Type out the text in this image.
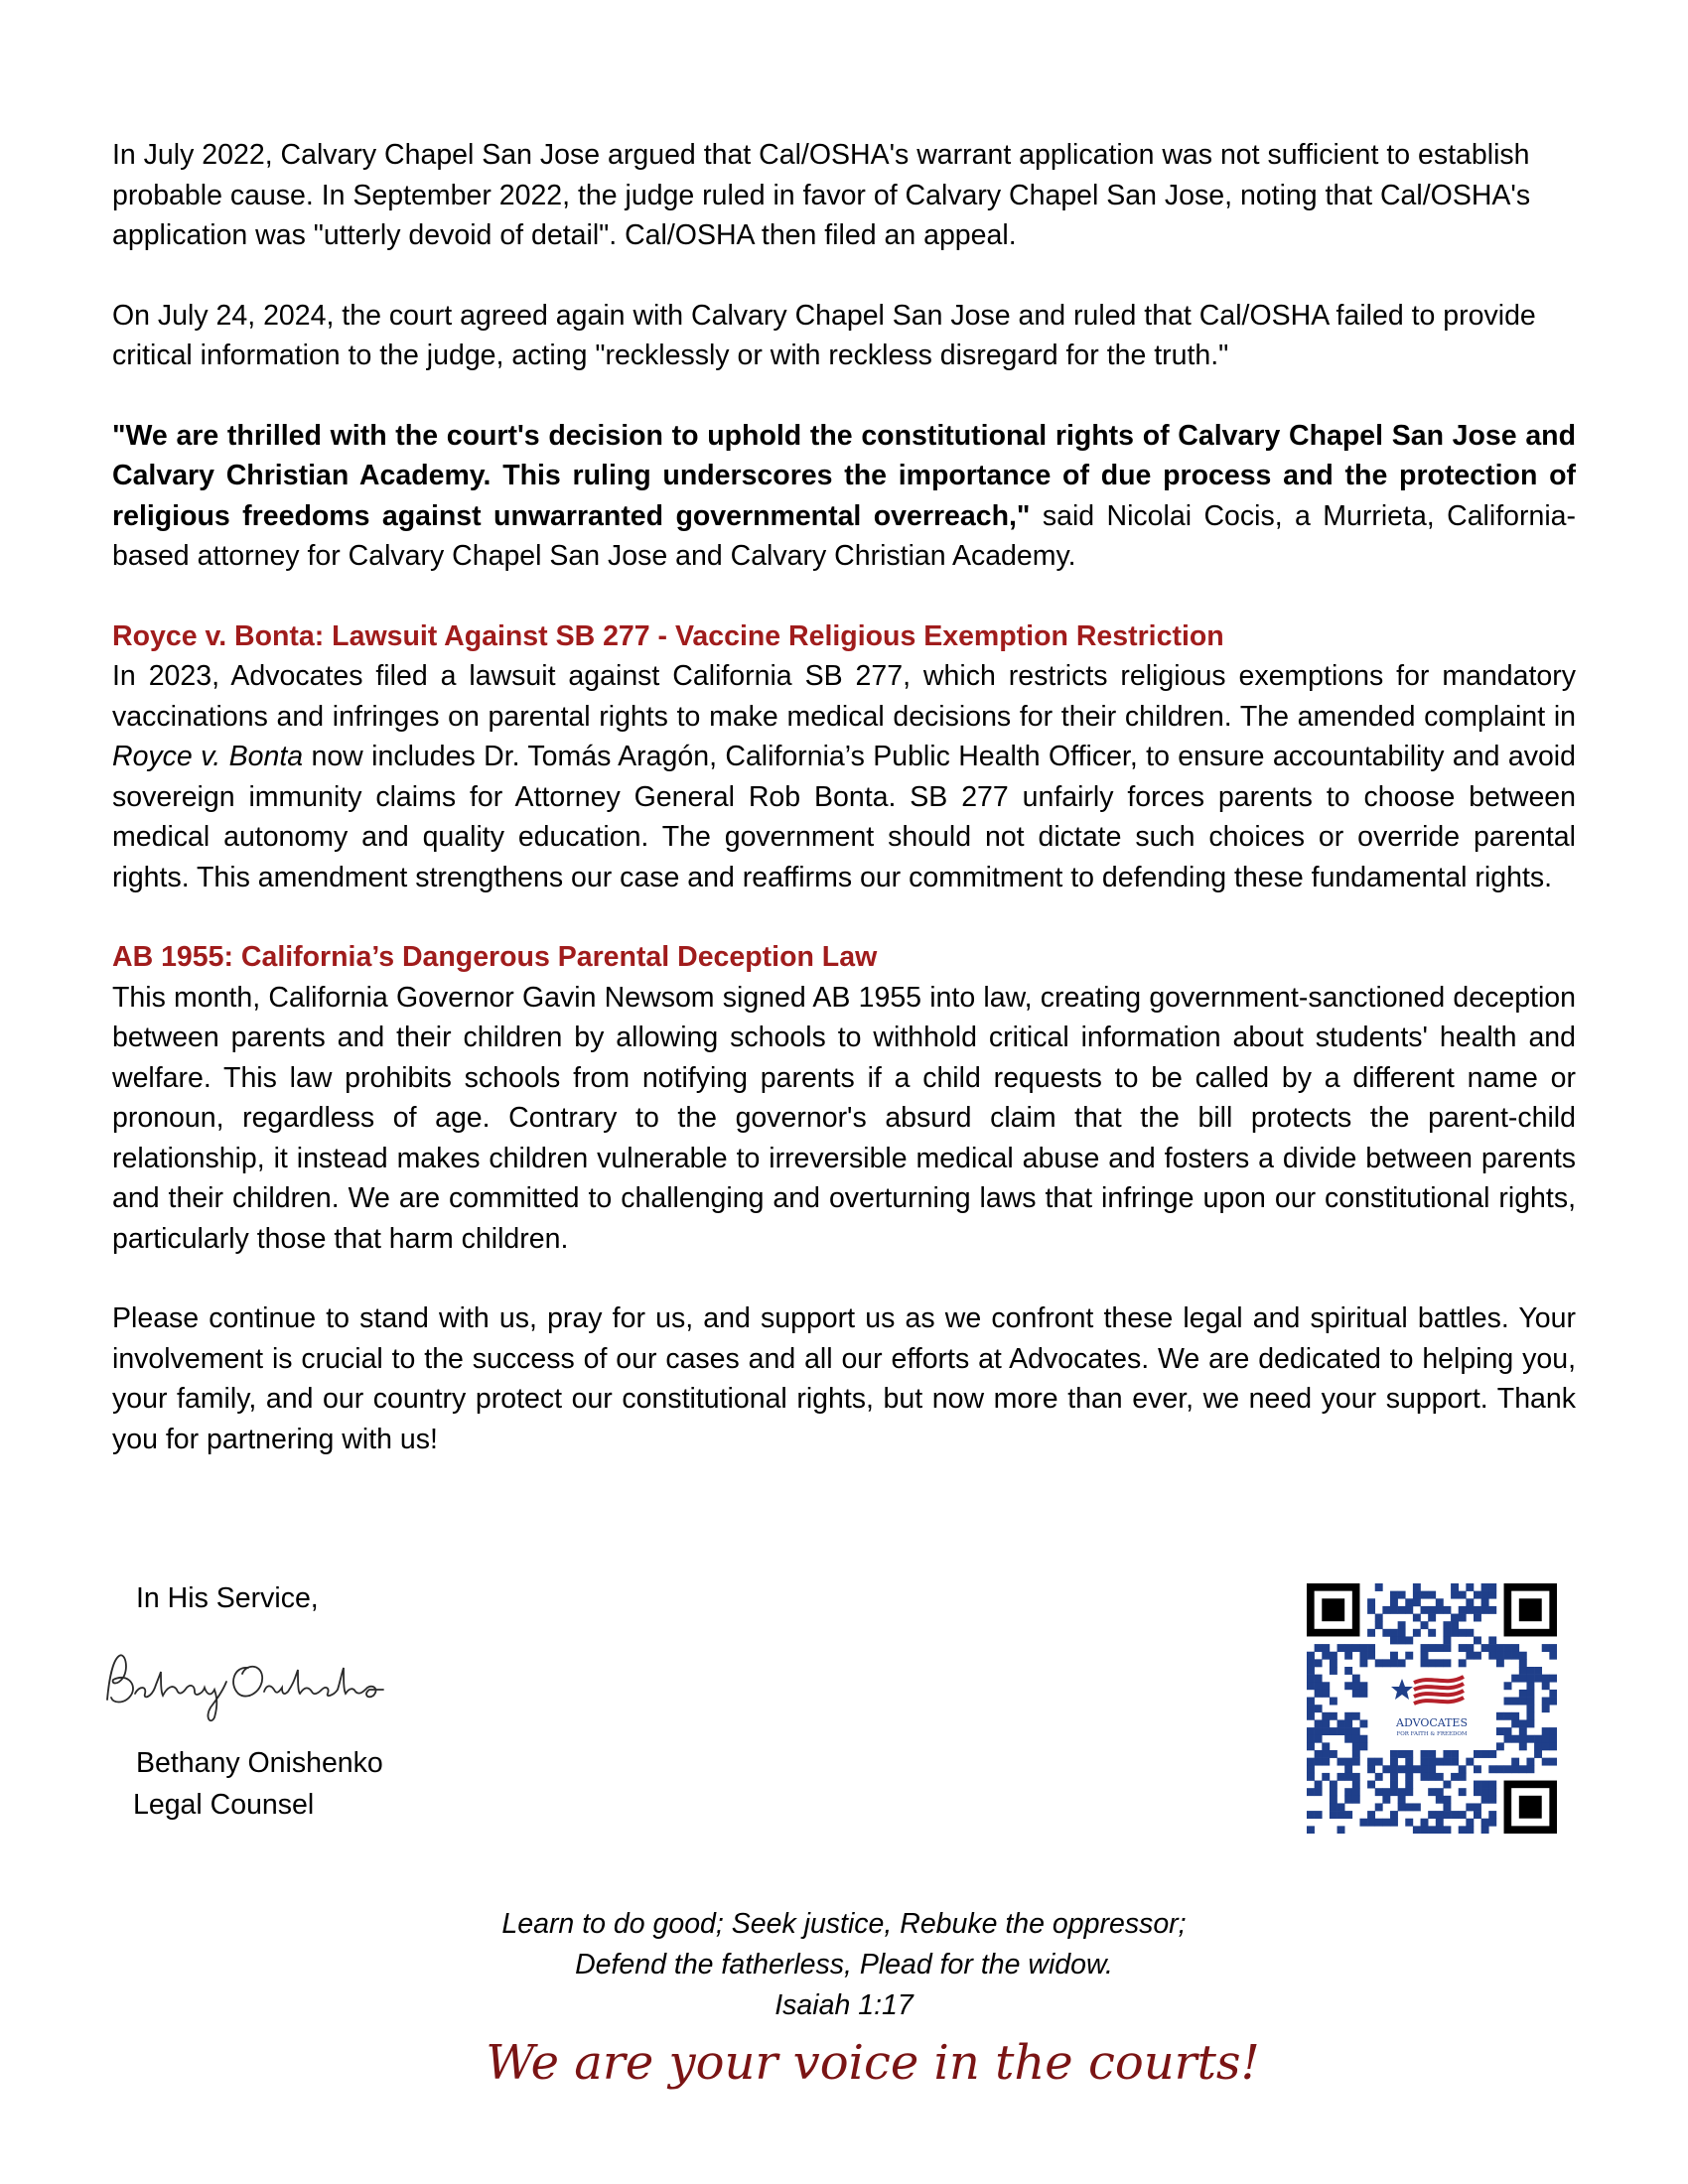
In July 2022, Calvary Chapel San Jose argued that Cal/OSHA's warrant application was not sufficient to establish probable cause. In September 2022, the judge ruled in favor of Calvary Chapel San Jose, noting that Cal/OSHA's application was "utterly devoid of detail". Cal/OSHA then filed an appeal.

On July 24, 2024, the court agreed again with Calvary Chapel San Jose and ruled that Cal/OSHA failed to provide critical information to the judge, acting "recklessly or with reckless disregard for the truth."

"We are thrilled with the court's decision to uphold the constitutional rights of Calvary Chapel San Jose and Calvary Christian Academy. This ruling underscores the importance of due process and the protection of religious freedoms against unwarranted governmental overreach," said Nicolai Cocis, a Murrieta, California-based attorney for Calvary Chapel San Jose and Calvary Christian Academy.

Royce v. Bonta: Lawsuit Against SB 277 - Vaccine Religious Exemption Restriction

In 2023, Advocates filed a lawsuit against California SB 277, which restricts religious exemptions for mandatory vaccinations and infringes on parental rights to make medical decisions for their children. The amended complaint in Royce v. Bonta now includes Dr. Tomás Aragón, California’s Public Health Officer, to ensure accountability and avoid sovereign immunity claims for Attorney General Rob Bonta. SB 277 unfairly forces parents to choose between medical autonomy and quality education. The government should not dictate such choices or override parental rights. This amendment strengthens our case and reaffirms our commitment to defending these fundamental rights.

AB 1955: California’s Dangerous Parental Deception Law

This month, California Governor Gavin Newsom signed AB 1955 into law, creating government-sanctioned deception between parents and their children by allowing schools to withhold critical information about students' health and welfare. This law prohibits schools from notifying parents if a child requests to be called by a different name or pronoun, regardless of age. Contrary to the governor's absurd claim that the bill protects the parent-child relationship, it instead makes children vulnerable to irreversible medical abuse and fosters a divide between parents and their children. We are committed to challenging and overturning laws that infringe upon our constitutional rights, particularly those that harm children.

Please continue to stand with us, pray for us, and support us as we confront these legal and spiritual battles. Your involvement is crucial to the success of our cases and all our efforts at Advocates. We are dedicated to helping you, your family, and our country protect our constitutional rights, but now more than ever, we need your support. Thank you for partnering with us!

In His Service,
Bethany Onishenko
Legal Counsel
ADVOCATES
FOR FAITH & FREEDOM
Learn to do good; Seek justice, Rebuke the oppressor;
Defend the fatherless, Plead for the widow.
Isaiah 1:17
We are your voice in the courts!
